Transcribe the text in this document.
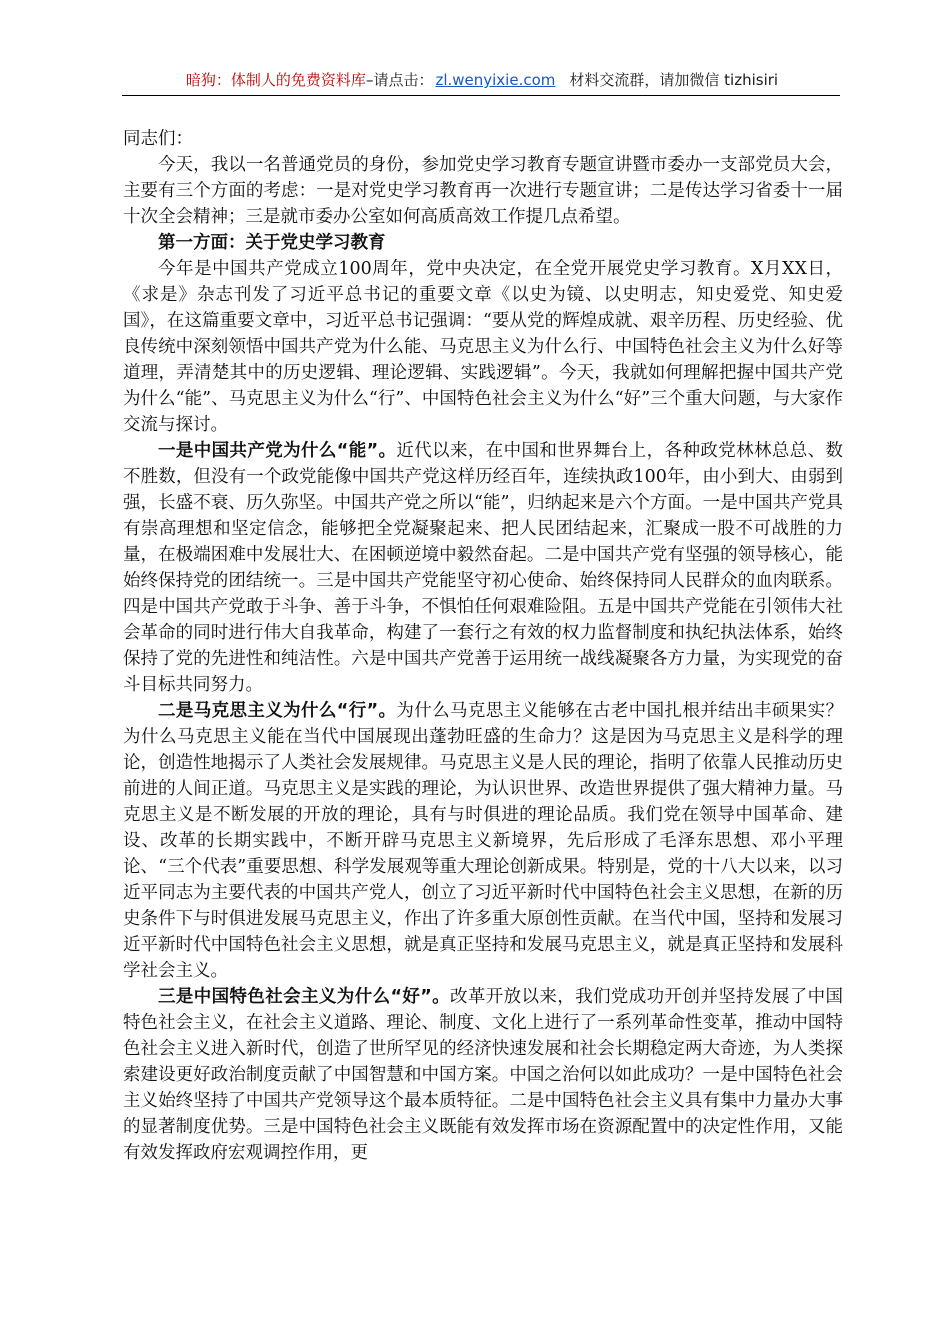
暗狗：体制人的免费资料库–请点击： zl.wenyixie.com 材料交流群，请加微信 tizhisiri

同志们：

今天，我以一名普通党员的身份，参加党史学习教育专题宣讲暨市委办一支部党员大会，主要有三个方面的考虑：一是对党史学习教育再一次进行专题宣讲；二是传达学习省委十一届十次全会精神；三是就市委办公室如何高质高效工作提几点希望。

第一方面：关于党史学习教育

今年是中国共产党成立100周年，党中央决定，在全党开展党史学习教育。X月XX日，《求是》杂志刊发了习近平总书记的重要文章《以史为镜、以史明志，知史爱党、知史爱国》，在这篇重要文章中，习近平总书记强调：“要从党的辉煌成就、艰辛历程、历史经验、优良传统中深刻领悟中国共产党为什么能、马克思主义为什么行、中国特色社会主义为什么好等道理，弄清楚其中的历史逻辑、理论逻辑、实践逻辑”。今天，我就如何理解把握中国共产党为什么“能”、马克思主义为什么“行”、中国特色社会主义为什么“好”三个重大问题，与大家作交流与探讨。

一是中国共产党为什么“能”。近代以来，在中国和世界舞台上，各种政党林林总总、数不胜数，但没有一个政党能像中国共产党这样历经百年，连续执政100年，由小到大、由弱到强，长盛不衰、历久弥坚。中国共产党之所以“能”，归纳起来是六个方面。一是中国共产党具有崇高理想和坚定信念，能够把全党凝聚起来、把人民团结起来，汇聚成一股不可战胜的力量，在极端困难中发展壮大、在困顿逆境中毅然奋起。二是中国共产党有坚强的领导核心，能始终保持党的团结统一。三是中国共产党能坚守初心使命、始终保持同人民群众的血肉联系。四是中国共产党敢于斗争、善于斗争，不惧怕任何艰难险阻。五是中国共产党能在引领伟大社会革命的同时进行伟大自我革命，构建了一套行之有效的权力监督制度和执纪执法体系，始终保持了党的先进性和纯洁性。六是中国共产党善于运用统一战线凝聚各方力量，为实现党的奋斗目标共同努力。

二是马克思主义为什么“行”。为什么马克思主义能够在古老中国扎根并结出丰硕果实？为什么马克思主义能在当代中国展现出蓬勃旺盛的生命力？这是因为马克思主义是科学的理论，创造性地揭示了人类社会发展规律。马克思主义是人民的理论，指明了依靠人民推动历史前进的人间正道。马克思主义是实践的理论，为认识世界、改造世界提供了强大精神力量。马克思主义是不断发展的开放的理论，具有与时俱进的理论品质。我们党在领导中国革命、建设、改革的长期实践中，不断开辟马克思主义新境界，先后形成了毛泽东思想、邓小平理论、“三个代表”重要思想、科学发展观等重大理论创新成果。特别是，党的十八大以来，以习近平同志为主要代表的中国共产党人，创立了习近平新时代中国特色社会主义思想，在新的历史条件下与时俱进发展马克思主义，作出了许多重大原创性贡献。在当代中国，坚持和发展习近平新时代中国特色社会主义思想，就是真正坚持和发展马克思主义，就是真正坚持和发展科学社会主义。

三是中国特色社会主义为什么“好”。改革开放以来，我们党成功开创并坚持发展了中国特色社会主义，在社会主义道路、理论、制度、文化上进行了一系列革命性变革，推动中国特色社会主义进入新时代，创造了世所罕见的经济快速发展和社会长期稳定两大奇迹，为人类探索建设更好政治制度贡献了中国智慧和中国方案。中国之治何以如此成功？一是中国特色社会主义始终坚持了中国共产党领导这个最本质特征。二是中国特色社会主义具有集中力量办大事的显著制度优势。三是中国特色社会主义既能有效发挥市场在资源配置中的决定性作用，又能有效发挥政府宏观调控作用，更
